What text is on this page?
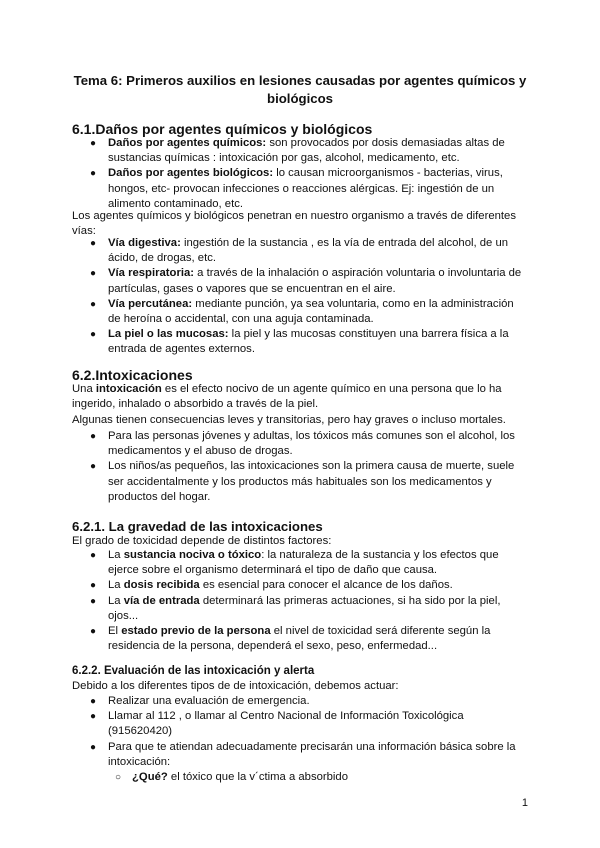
Tema 6: Primeros auxilios en lesiones causadas por agentes químicos y biológicos
6.1.Daños por agentes químicos y biológicos
● Daños por agentes químicos: son provocados por dosis demasiadas altas de sustancias químicas : intoxicación por gas, alcohol, medicamento, etc.
● Daños por agentes biológicos: lo causan microorganismos - bacterias, virus, hongos, etc- provocan infecciones o reacciones alérgicas. Ej: ingestión de un alimento contaminado, etc.
Los agentes químicos y biológicos penetran en nuestro organismo a través de diferentes vías:
● Vía digestiva: ingestión de la sustancia , es la vía de entrada del alcohol, de un ácido, de drogas, etc.
● Vía respiratoria: a través de la inhalación o aspiración voluntaria o involuntaria de partículas, gases o vapores que se encuentran en el aire.
● Vía percutánea: mediante punción, ya sea voluntaria, como en la administración de heroína o accidental, con una aguja contaminada.
● La piel o las mucosas: la piel y las mucosas constituyen una barrera física a la entrada de agentes externos.
6.2.Intoxicaciones
Una intoxicación es el efecto nocivo de un agente químico en una persona que lo ha ingerido, inhalado o absorbido a través de la piel.
Algunas tienen consecuencias leves y transitorias, pero hay graves o incluso mortales.
● Para las personas jóvenes y adultas, los tóxicos más comunes son el alcohol, los medicamentos y el abuso de drogas.
● Los niños/as pequeños, las intoxicaciones son la primera causa de muerte, suele ser accidentalmente y los productos más habituales son los medicamentos y productos del hogar.
6.2.1. La gravedad de las intoxicaciones
El grado de toxicidad depende de distintos factores:
● La sustancia nociva o tóxico: la naturaleza de la sustancia y los efectos que ejerce sobre el organismo determinará el tipo de daño que causa.
● La dosis recibida es esencial para conocer el alcance de los daños.
● La vía de entrada determinará las primeras actuaciones, si ha sido por la piel, ojos...
● El estado previo de la persona el nivel de toxicidad será diferente según la residencia de la persona, dependerá el sexo, peso, enfermedad...
6.2.2. Evaluación de las intoxicación y alerta
Debido a los diferentes tipos de de intoxicación, debemos actuar:
● Realizar una evaluación de emergencia.
● Llamar al 112 , o llamar al Centro Nacional de Información Toxicológica (915620420)
● Para que te atiendan adecuadamente precisarán una información básica sobre la intoxicación:
○ ¿Qué? el tóxico que la v´ctima a absorbido
1
